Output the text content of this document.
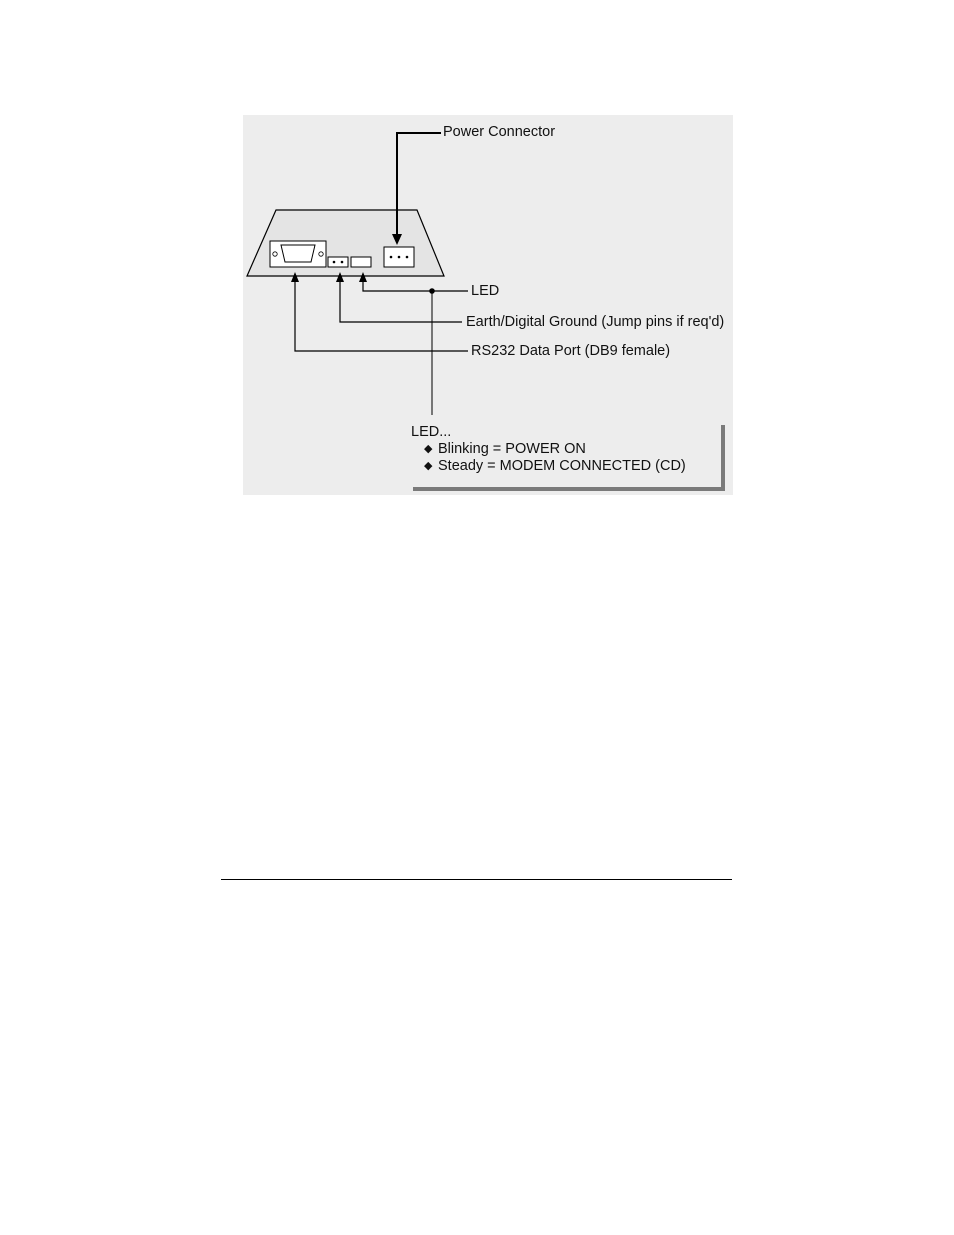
Power Connector
LED
Earth/Digital Ground (Jump pins if req'd)
RS232 Data Port (DB9 female)
LED...
◆ Blinking = POWER ON
◆ Steady = MODEM CONNECTED (CD)
